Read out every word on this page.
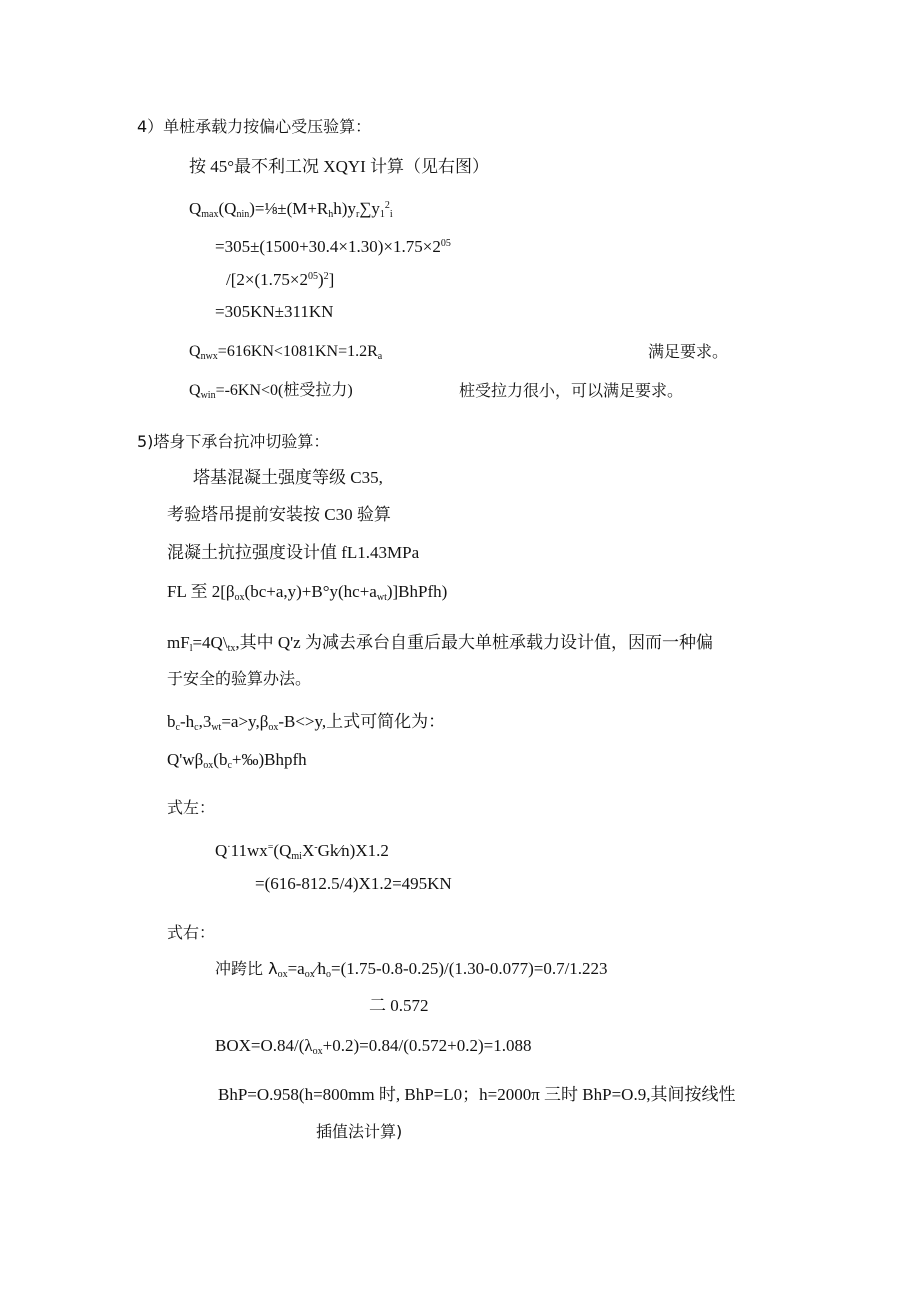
4）单桩承载力按偏心受压验算：
按 45°最不利工况 XQYI 计算（见右图）
$Q_{max}(Q_{nin})=\frac{1}{8}\pm(M+R_hh)y_r\sum y_1^2_i$
$=305\pm(1500+30.4\times 1.30)\times 1.75\times 2^{05}$
$/[2\times(1.75\times 2^{05})^2]$
=305KN±311KN
$Q_{nwx}=616KN<1081KN=1.2R_a$	满足要求。
$Q_{win}=-6KN<0$(桩受拉力)	桩受拉力很小，可以满足要求。
5)塔身下承台抗冲切验算：
塔基混凝土强度等级 C35,
考验塔吊提前安装按 C30 验算
混凝土抗拉强度设计值 fL1.43MPa
FL 至 $2[\beta_{ox}(bc+a,y)+B^\circ y(hc+a_{wt})]BhPfh$)
$mF_l=4Q\backslash_{tx}$,其中 Q'z 为减去承台自重后最大单桩承载力设计值，因而一种偏
于安全的验算办法。
$b_c-h_c,3_{wt}=a>y,\beta_{ox}-B<>y$,上式可简化为：
$Q'w\beta_{ox}(b_c+‰)Bhpfh$
式左：
$Q^\cdot 11wx^=(Q_{mi}X^-Gk⁄n)X1.2$
=(616-812.5/4)X1.2=495KN
式右：
冲跨比 $\lambda_{ox}=a_{ox}⁄h_o=(1.75-0.8-0.25)/(1.30-0.077)=0.7/1.223$
二 0.572
$BOX=O.84/(\lambda_{ox}+0.2)=0.84/(0.572+0.2)=1.088$
BhP=O.958(h=800mm 时, BhP=L0；h=2000π 三时 BhP=O.9,其间按线性
插值法计算)
